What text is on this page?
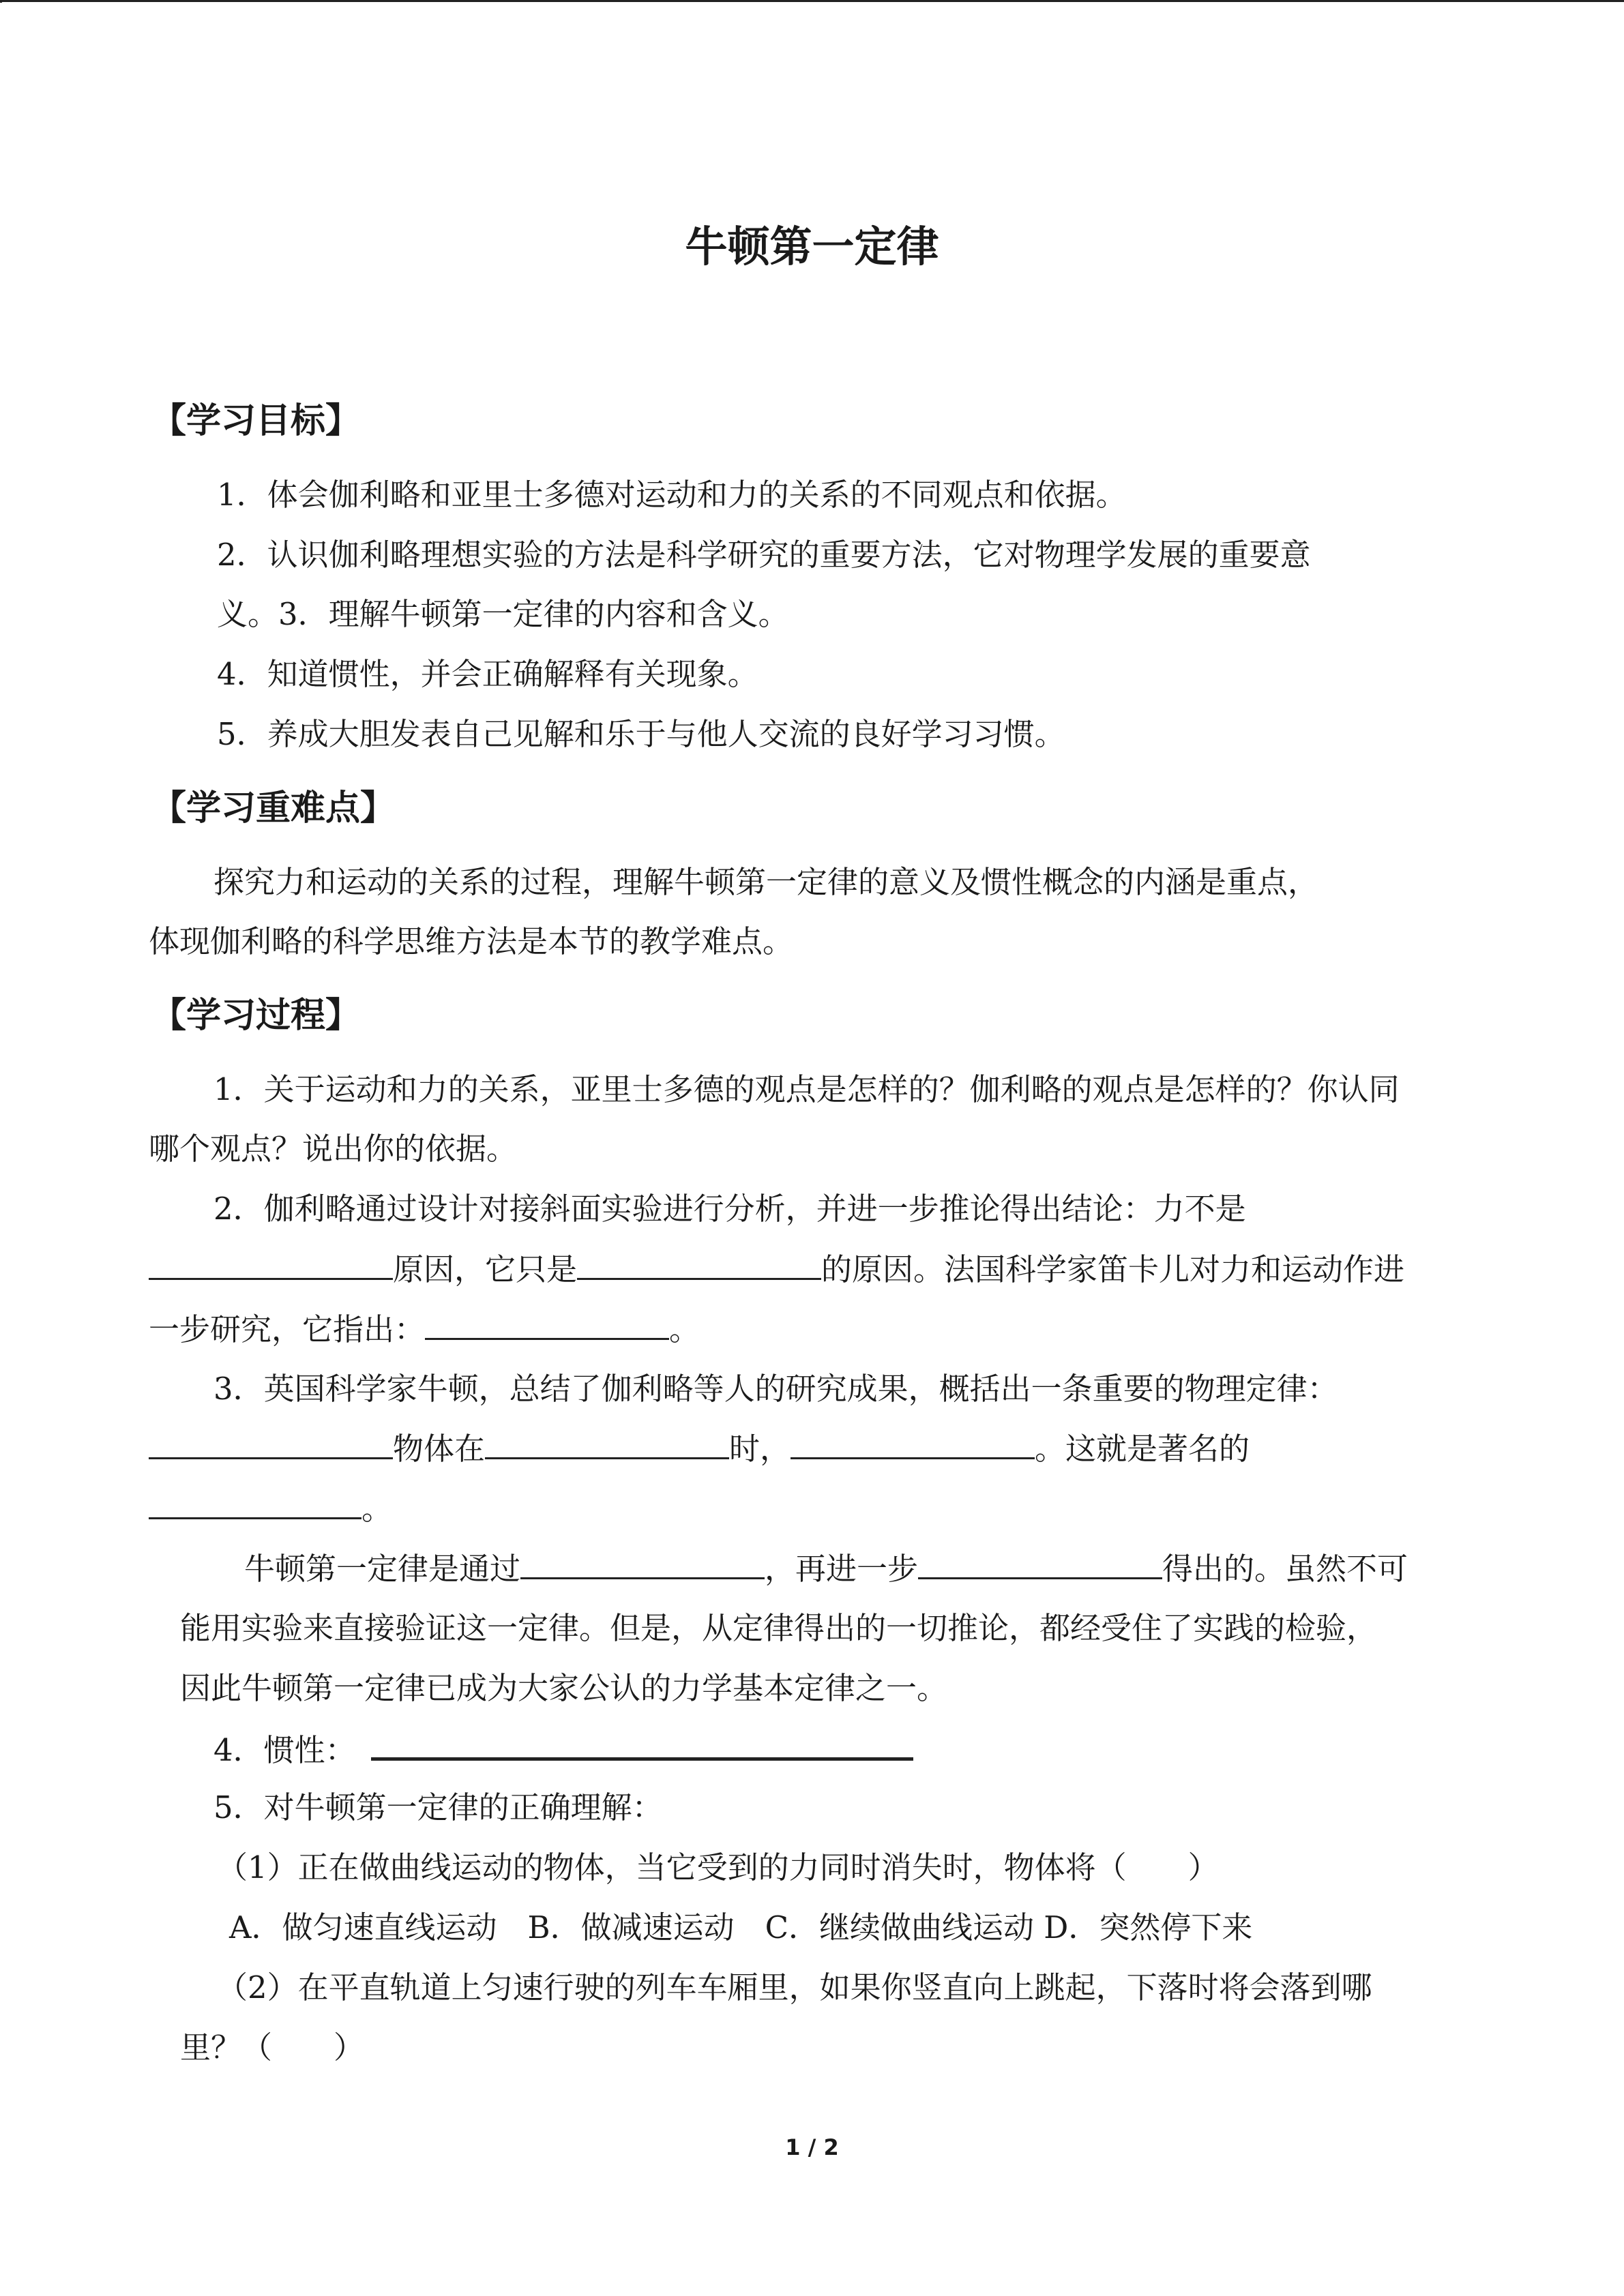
牛顿第一定律
【学习目标】
1．体会伽利略和亚里士多德对运动和力的关系的不同观点和依据。
2．认识伽利略理想实验的方法是科学研究的重要方法，它对物理学发展的重要意
义。3．理解牛顿第一定律的内容和含义。
4．知道惯性，并会正确解释有关现象。
5．养成大胆发表自己见解和乐于与他人交流的良好学习习惯。
【学习重难点】
探究力和运动的关系的过程，理解牛顿第一定律的意义及惯性概念的内涵是重点，
体现伽利略的科学思维方法是本节的教学难点。
【学习过程】
1．关于运动和力的关系，亚里士多德的观点是怎样的？伽利略的观点是怎样的？你认同
哪个观点？说出你的依据。
2．伽利略通过设计对接斜面实验进行分析，并进一步推论得出结论：力不是
原因，它只是	的原因。法国科学家笛卡儿对力和运动作进
一步研究，它指出：	。
3．英国科学家牛顿，总结了伽利略等人的研究成果，概括出一条重要的物理定律：
物体在	时，	。这就是著名的
。
牛顿第一定律是通过	，再进一步	得出的。虽然不可
能用实验来直接验证这一定律。但是，从定律得出的一切推论，都经受住了实践的检验，
因此牛顿第一定律已成为大家公认的力学基本定律之一。
4．惯性：
5．对牛顿第一定律的正确理解：
（1）正在做曲线运动的物体，当它受到的力同时消失时，物体将（　　）
A．做匀速直线运动　B．做减速运动　C．继续做曲线运动 D．突然停下来
（2）在平直轨道上匀速行驶的列车车厢里，如果你竖直向上跳起，下落时将会落到哪
里？（　　）
1 / 2
